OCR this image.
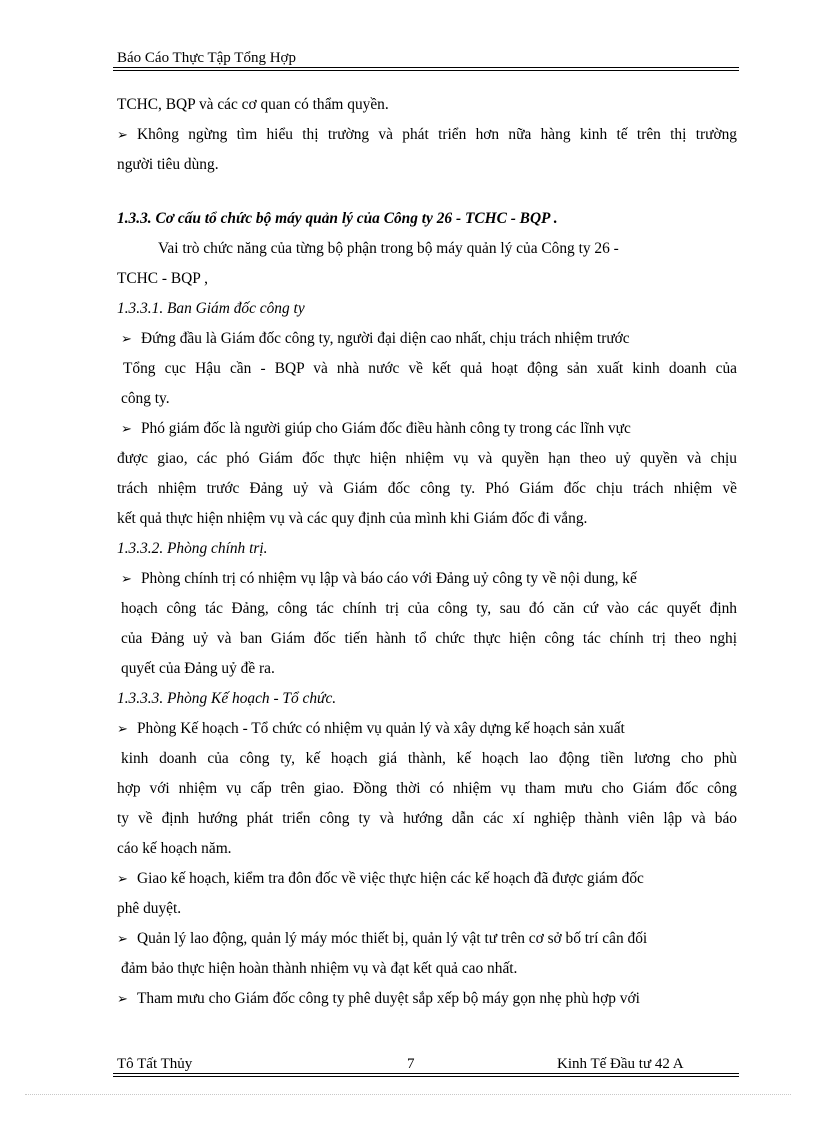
Báo Cáo Thực Tập Tổng Hợp
TCHC, BQP và các cơ quan có thẩm quyền.
➢ Không ngừng tìm hiểu thị trường và phát triển hơn nữa hàng kinh tế trên thị trường
người tiêu dùng.
1.3.3. Cơ cấu tổ chức bộ máy quản lý của Công ty 26 - TCHC - BQP .
Vai trò chức năng của từng bộ phận trong bộ máy quản lý của Công ty 26 -
TCHC - BQP ,
1.3.3.1. Ban Giám đốc công ty
➢ Đứng đầu là Giám đốc công ty, người đại diện cao nhất, chịu trách nhiệm trước
Tổng cục Hậu cần - BQP và nhà nước về kết quả hoạt động sản xuất kinh doanh của
công ty.
➢ Phó giám đốc là người giúp cho Giám đốc điều hành công ty trong các lĩnh vực
được giao, các phó Giám đốc thực hiện nhiệm vụ và quyền hạn theo uỷ quyền và chịu
trách nhiệm trước Đảng uỷ và Giám đốc công ty. Phó Giám đốc chịu trách nhiệm về
kết quả thực hiện nhiệm vụ và các quy định của mình khi Giám đốc đi vắng.
1.3.3.2. Phòng chính trị.
➢ Phòng chính trị có nhiệm vụ lập và báo cáo với Đảng uỷ công ty về nội dung, kế
hoạch công tác Đảng, công tác chính trị của công ty, sau đó căn cứ vào các quyết định
của Đảng uỷ và ban Giám đốc tiến hành tổ chức thực hiện công tác chính trị theo nghị
quyết của Đảng uỷ đề ra.
1.3.3.3. Phòng Kế hoạch - Tổ chức.
➢ Phòng Kế hoạch - Tổ chức có nhiệm vụ quản lý và xây dựng kế hoạch sản xuất
kinh doanh của công ty, kế hoạch giá thành, kế hoạch lao động tiền lương cho phù
hợp với nhiệm vụ cấp trên giao. Đồng thời có nhiệm vụ tham mưu cho Giám đốc công
ty về định hướng phát triển công ty và hướng dẫn các xí nghiệp thành viên lập và báo
cáo kế hoạch năm.
➢ Giao kế hoạch, kiểm tra đôn đốc về việc thực hiện các kế hoạch đã được giám đốc
phê duyệt.
➢ Quản lý lao động, quản lý máy móc thiết bị, quản lý vật tư trên cơ sở bố trí cân đối
đảm bảo thực hiện hoàn thành nhiệm vụ và đạt kết quả cao nhất.
➢ Tham mưu cho Giám đốc công ty phê duyệt sắp xếp bộ máy gọn nhẹ phù hợp với
Tô Tất Thủy	7	Kinh Tế Đầu tư 42 A
